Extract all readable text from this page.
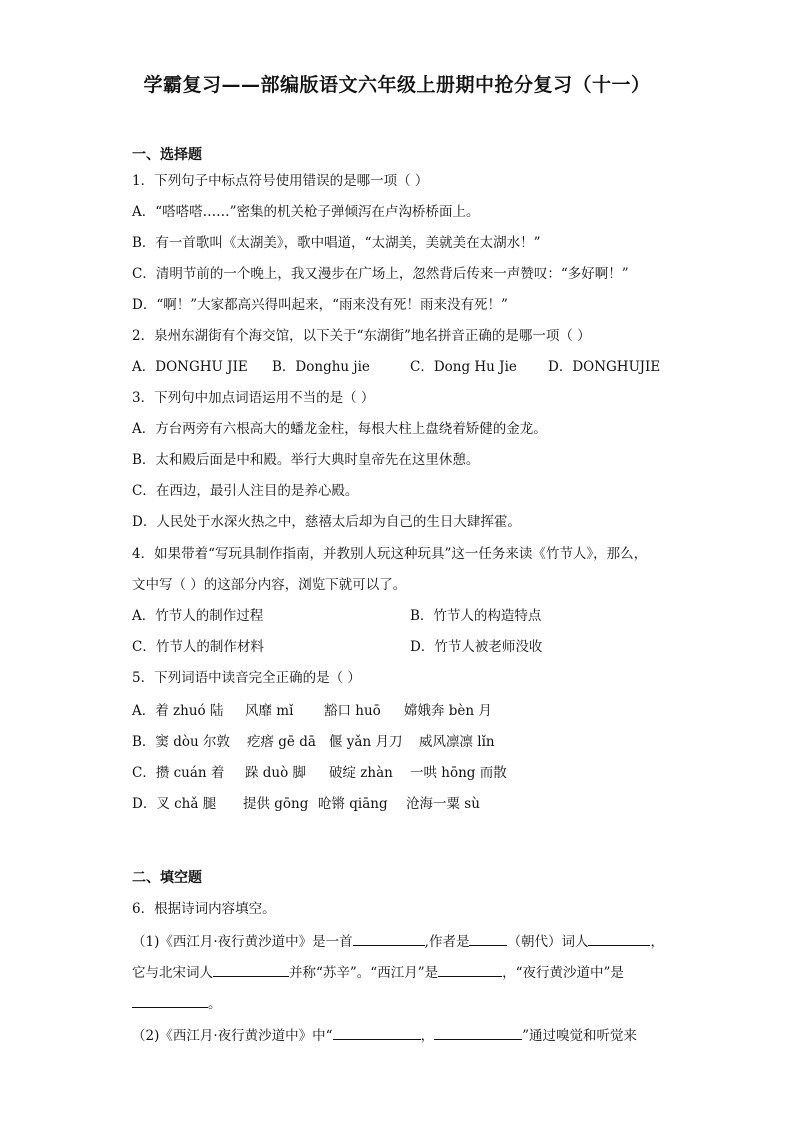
学霸复习——部编版语文六年级上册期中抢分复习（十一）
一、选择题
1．下列句子中标点符号使用错误的是哪一项（ ）
A．“嗒嗒嗒……”密集的机关枪子弹倾泻在卢沟桥桥面上。
B．有一首歌叫《太湖美》，歌中唱道，“太湖美，美就美在太湖水！”
C．清明节前的一个晚上，我又漫步在广场上，忽然背后传来一声赞叹：“多好啊！”
D．“啊！”大家都高兴得叫起来，“雨来没有死！雨来没有死！”
2．泉州东湖街有个海交馆，以下关于“东湖街”地名拼音正确的是哪一项（ ）
A．DONGHU JIE B．Donghu jie	C．Dong Hu Jie D．DONGHUJIE
3．下列句中加点词语运用不当的是（ ）
A．方台两旁有六根高大的蟠龙金柱，每根大柱上盘绕着矫健的金龙。
B．太和殿后面是中和殿。举行大典时皇帝先在这里休憩。
C．在西边，最引人注目的是养心殿。
D．人民处于水深火热之中，慈禧太后却为自己的生日大肆挥霍。
4．如果带着“写玩具制作指南，并教别人玩这种玩具”这一任务来读《竹节人》，那么，
文中写（ ）的这部分内容，浏览下就可以了。
A．竹节人的制作过程	B．竹节人的构造特点
C．竹节人的制作材料	D．竹节人被老师没收
5．下列词语中读音完全正确的是（ ）
A．着 zhuó 陆 风靡 mǐ 豁口 huō 嫦娥奔 bèn 月
B．窦 dòu 尔敦 疙瘩 gē dā 偃 yǎn 月刀 威风凛凛 lǐn
C．攒 cuán 着 跺 duò 脚 破绽 zhàn 一哄 hōng 而散
D．叉 chǎ 腿 提供 gōng 呛锵 qiāng 沧海一粟 sù
二、填空题
6．根据诗词内容填空。
（1)《西江月·夜行黄沙道中》是一首	,作者是	（朝代）词人	，
它与北宋词人	并称“苏辛”。“西江月”是	，“夜行黄沙道中”是
。
（2)《西江月·夜行黄沙道中》中“	，	”通过嗅觉和听觉来
